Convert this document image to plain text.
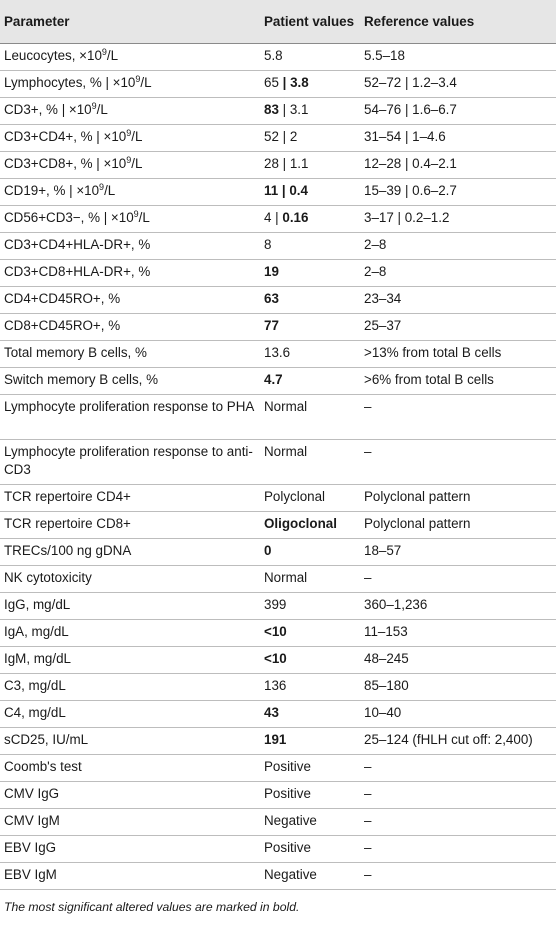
Parameter	Patient values	Reference values
Leucocytes, $\times 10^9/L$	5.8	5.5–18
Lymphocytes, % | $\times 10^9/L$	65 | 3.8	52–72 | 1.2–3.4
CD3+, % | $\times 10^9/L$	83 | 3.1	54–76 | 1.6–6.7
CD3+CD4+, % | $\times 10^9/L$	52 | 2	31–54 | 1–4.6
CD3+CD8+, % | $\times 10^9/L$	28 | 1.1	12–28 | 0.4–2.1
CD19+, % | $\times 10^9/L$	11 | 0.4	15–39 | 0.6–2.7
CD56+CD3−, % | $\times 10^9/L$	4 | 0.16	3–17 | 0.2–1.2
CD3+CD4+HLA-DR+, %	8	2–8
CD3+CD8+HLA-DR+, %	19	2–8
CD4+CD45RO+, %	63	23–34
CD8+CD45RO+, %	77	25–37
Total memory B cells, %	13.6	>13% from total B cells
Switch memory B cells, %	4.7	>6% from total B cells
Lymphocyte proliferation response to PHA	Normal	–
Lymphocyte proliferation response to anti-CD3	Normal	–
TCR repertoire CD4+	Polyclonal	Polyclonal pattern
TCR repertoire CD8+	Oligoclonal	Polyclonal pattern
TRECs/100 ng gDNA	0	18–57
NK cytotoxicity	Normal	–
IgG, mg/dL	399	360–1,236
IgA, mg/dL	<10	11–153
IgM, mg/dL	<10	48–245
C3, mg/dL	136	85–180
C4, mg/dL	43	10–40
sCD25, IU/mL	191	25–124 (fHLH cut off: 2,400)
Coomb's test	Positive	–
CMV IgG	Positive	–
CMV IgM	Negative	–
EBV IgG	Positive	–
EBV IgM	Negative	–
The most significant altered values are marked in bold.
